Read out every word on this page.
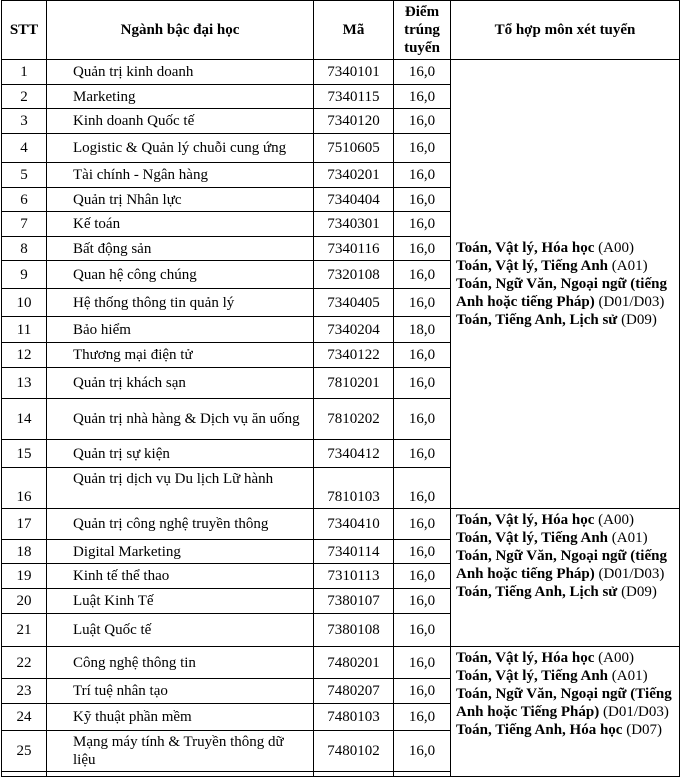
STT	Ngành bậc đại học	Mã	Điểm trúng tuyển	Tổ hợp môn xét tuyển
1	Quản trị kinh doanh	7340101	16,0	Toán, Vật lý, Hóa học (A00)
Toán, Vật lý, Tiếng Anh (A01)
Toán, Ngữ Văn, Ngoại ngữ (tiếng Anh hoặc tiếng Pháp) (D01/D03)
Toán, Tiếng Anh, Lịch sử (D09)

2	Marketing	7340115	16,0	
3	Kinh doanh Quốc tế	7340120	16,0	
4	Logistic & Quản lý chuỗi cung ứng	7510605	16,0	
5	Tài chính - Ngân hàng	7340201	16,0	
6	Quản trị Nhân lực	7340404	16,0	
7	Kế toán	7340301	16,0	
8	Bất động sản	7340116	16,0	
9	Quan hệ công chúng	7320108	16,0	
10	Hệ thống thông tin quản lý	7340405	16,0	
11	Bảo hiểm	7340204	18,0	
12	Thương mại điện tử	7340122	16,0	
13	Quản trị khách sạn	7810201	16,0	
14	Quản trị nhà hàng & Dịch vụ ăn uống	7810202	16,0	
15	Quản trị sự kiện	7340412	16,0	
16	Quản trị dịch vụ Du lịch Lữ hành	7810103	16,0	
17	Quản trị công nghệ truyền thông	7340410	16,0	Toán, Vật lý, Hóa học (A00)
Toán, Vật lý, Tiếng Anh (A01)
Toán, Ngữ Văn, Ngoại ngữ (tiếng Anh hoặc tiếng Pháp) (D01/D03)
Toán, Tiếng Anh, Lịch sử (D09)

18	Digital Marketing	7340114	16,0	
19	Kinh tế thể thao	7310113	16,0	
20	Luật Kinh Tế	7380107	16,0	
21	Luật Quốc tế	7380108	16,0	
22	Công nghệ thông tin	7480201	16,0	Toán, Vật lý, Hóa học (A00)
Toán, Vật lý, Tiếng Anh (A01)
Toán, Ngữ Văn, Ngoại ngữ (Tiếng Anh hoặc Tiếng Pháp) (D01/D03)
Toán, Tiếng Anh, Hóa học (D07)

23	Trí tuệ nhân tạo	7480207	16,0	
24	Kỹ thuật phần mềm	7480103	16,0	
25	Mạng máy tính & Truyền thông dữ liệu	7480102	16,0	
